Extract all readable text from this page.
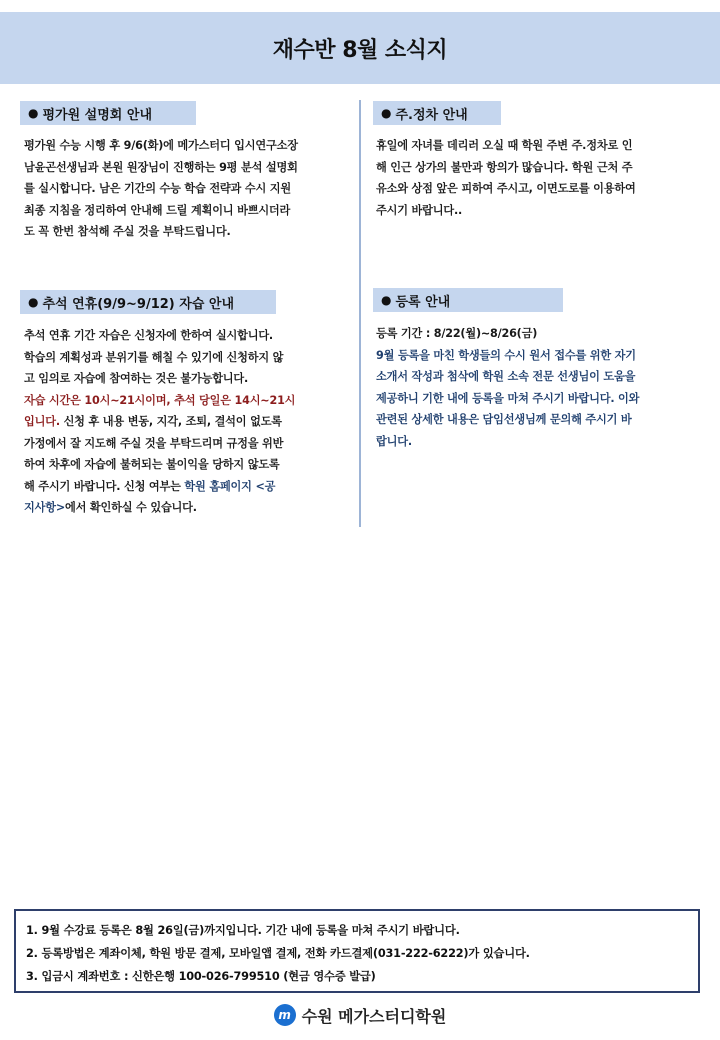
재수반 8월 소식지
● 평가원 설명회 안내
평가원 수능 시행 후 9/6(화)에 메가스터디 입시연구소장
남윤곤선생님과 본원 원장님이 진행하는 9평 분석 설명회
를 실시합니다. 남은 기간의 수능 학습 전략과 수시 지원
최종 지침을 정리하여 안내해 드릴 계획이니 바쁘시더라
도 꼭 한번 참석해 주실 것을 부탁드립니다.
● 주.정차 안내
휴일에 자녀를 데리러 오실 때 학원 주변 주.정차로 인
해 인근 상가의 불만과 항의가 많습니다. 학원 근처 주
유소와 상점 앞은 피하여 주시고, 이면도로를 이용하여
주시기 바랍니다..
● 추석 연휴(9/9~9/12) 자습 안내
추석 연휴 기간 자습은 신청자에 한하여 실시합니다.
학습의 계획성과 분위기를 해칠 수 있기에 신청하지 않
고 임의로 자습에 참여하는 것은 불가능합니다.
자습 시간은 10시~21시이며, 추석 당일은 14시~21시
입니다. 신청 후 내용 변동, 지각, 조퇴, 결석이 없도록
가정에서 잘 지도해 주실 것을 부탁드리며 규정을 위반
하여 차후에 자습에 불허되는 불이익을 당하지 않도록
해 주시기 바랍니다. 신청 여부는 학원 홈페이지 <공
지사항>에서 확인하실 수 있습니다.
● 등록 안내
등록 기간 : 8/22(월)~8/26(금)
9월 등록을 마친 학생들의 수시 원서 접수를 위한 자기
소개서 작성과 첨삭에 학원 소속 전문 선생님이 도움을
제공하니 기한 내에 등록을 마쳐 주시기 바랍니다. 이와
관련된 상세한 내용은 담임선생님께 문의해 주시기 바
랍니다.
1. 9월 수강료 등록은 8월 26일(금)까지입니다. 기간 내에 등록을 마쳐 주시기 바랍니다.
2. 등록방법은 계좌이체, 학원 방문 결제, 모바일앱 결제, 전화 카드결제(031-222-6222)가 있습니다.
3. 입금시 계좌번호 : 신한은행 100-026-799510 (현금 영수증 발급)
m 수원 메가스터디학원
